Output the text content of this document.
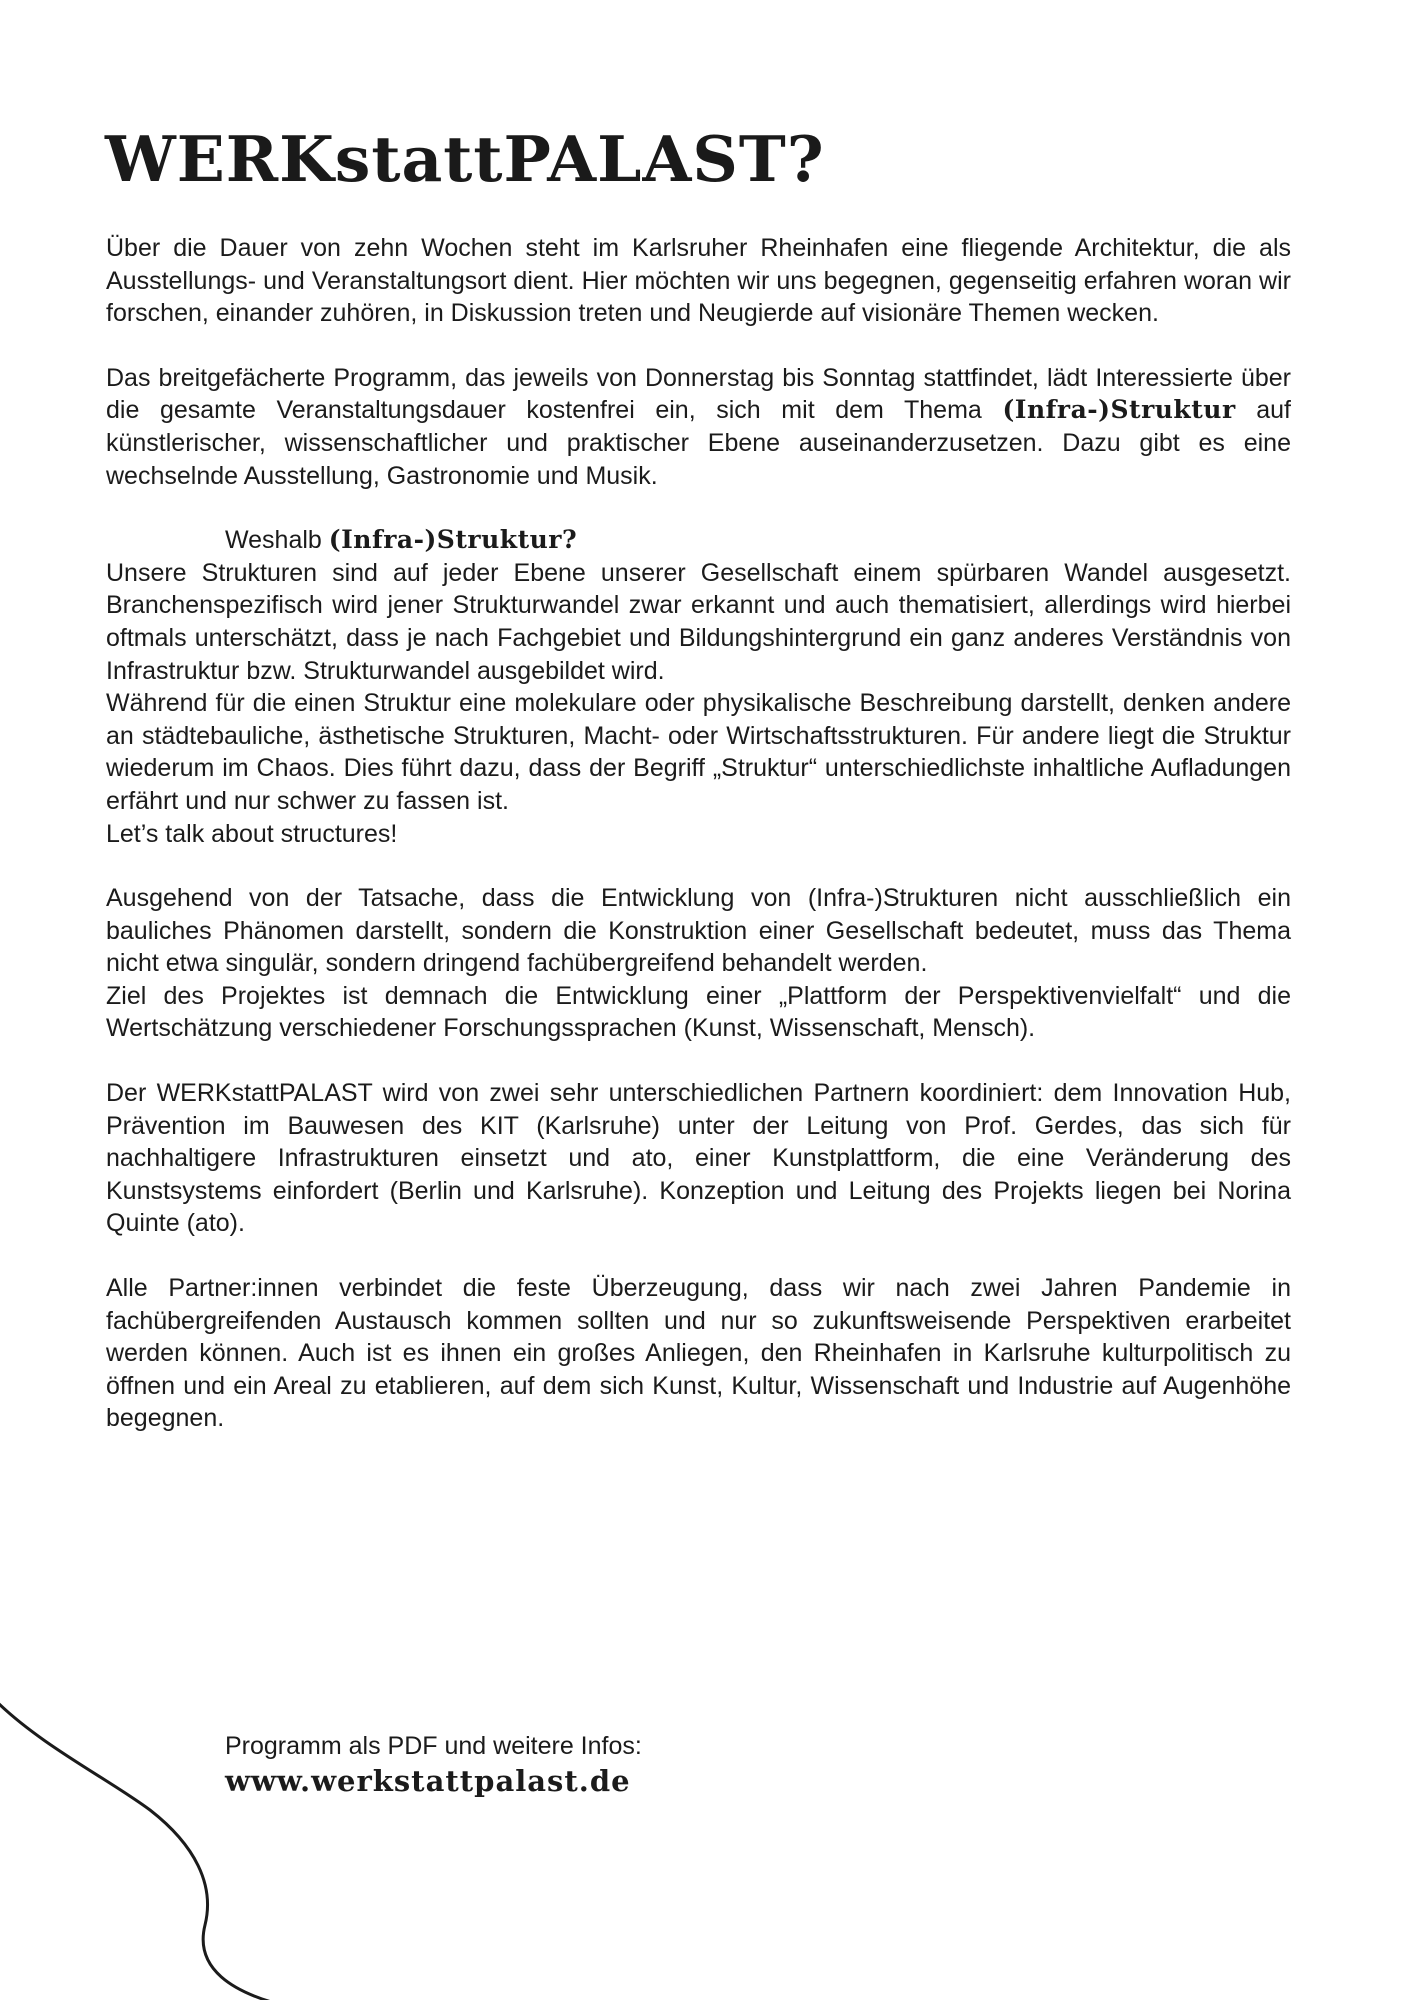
WERKstattPALAST?

Über die Dauer von zehn Wochen steht im Karlsruher Rheinhafen eine fliegende Architektur, die als Ausstellungs- und Veranstaltungsort dient. Hier möchten wir uns begegnen, gegenseitig erfahren woran wir forschen, einander zuhören, in Diskussion treten und Neugierde auf visionäre Themen wecken.

Das breitgefächerte Programm, das jeweils von Donnerstag bis Sonntag stattfindet, lädt Interessierte über die gesamte Veranstaltungsdauer kostenfrei ein, sich mit dem Thema (Infra-)Struktur auf künstlerischer, wissenschaftlicher und praktischer Ebene auseinanderzusetzen. Dazu gibt es eine wechselnde Ausstellung, Gastronomie und Musik.

Weshalb (Infra-)Struktur?
Unsere Strukturen sind auf jeder Ebene unserer Gesellschaft einem spürbaren Wandel ausgesetzt. Branchenspezifisch wird jener Strukturwandel zwar erkannt und auch thematisiert, allerdings wird hierbei oftmals unterschätzt, dass je nach Fachgebiet und Bildungshintergrund ein ganz anderes Verständnis von Infrastruktur bzw. Strukturwandel ausgebildet wird.
Während für die einen Struktur eine molekulare oder physikalische Beschreibung darstellt, denken andere an städtebauliche, ästhetische Strukturen, Macht- oder Wirtschaftsstrukturen. Für andere liegt die Struktur wiederum im Chaos. Dies führt dazu, dass der Begriff „Struktur“ unterschiedlichste inhaltliche Aufladungen erfährt und nur schwer zu fassen ist.
Let’s talk about structures!
Ausgehend von der Tatsache, dass die Entwicklung von (Infra-)Strukturen nicht ausschließlich ein bauliches Phänomen darstellt, sondern die Konstruktion einer Gesellschaft bedeutet, muss das Thema nicht etwa singulär, sondern dringend fachübergreifend behandelt werden.
Ziel des Projektes ist demnach die Entwicklung einer „Plattform der Perspektivenvielfalt“ und die Wertschätzung verschiedener Forschungssprachen (Kunst, Wissenschaft, Mensch).

Der WERKstattPALAST wird von zwei sehr unterschiedlichen Partnern koordiniert: dem Innovation Hub, Prävention im Bauwesen des KIT (Karlsruhe) unter der Leitung von Prof. Gerdes, das sich für nachhaltigere Infrastrukturen einsetzt und ato, einer Kunstplattform, die eine Veränderung des Kunstsystems einfordert (Berlin und Karlsruhe). Konzeption und Leitung des Projekts liegen bei Norina Quinte (ato).

Alle Partner:innen verbindet die feste Überzeugung, dass wir nach zwei Jahren Pandemie in fachübergreifenden Austausch kommen sollten und nur so zukunftsweisende Perspektiven erarbeitet werden können. Auch ist es ihnen ein großes Anliegen, den Rheinhafen in Karlsruhe kulturpolitisch zu öffnen und ein Areal zu etablieren, auf dem sich Kunst, Kultur, Wissenschaft und Industrie auf Augenhöhe begegnen.

Programm als PDF und weitere Infos:
www.werkstattpalast.de
